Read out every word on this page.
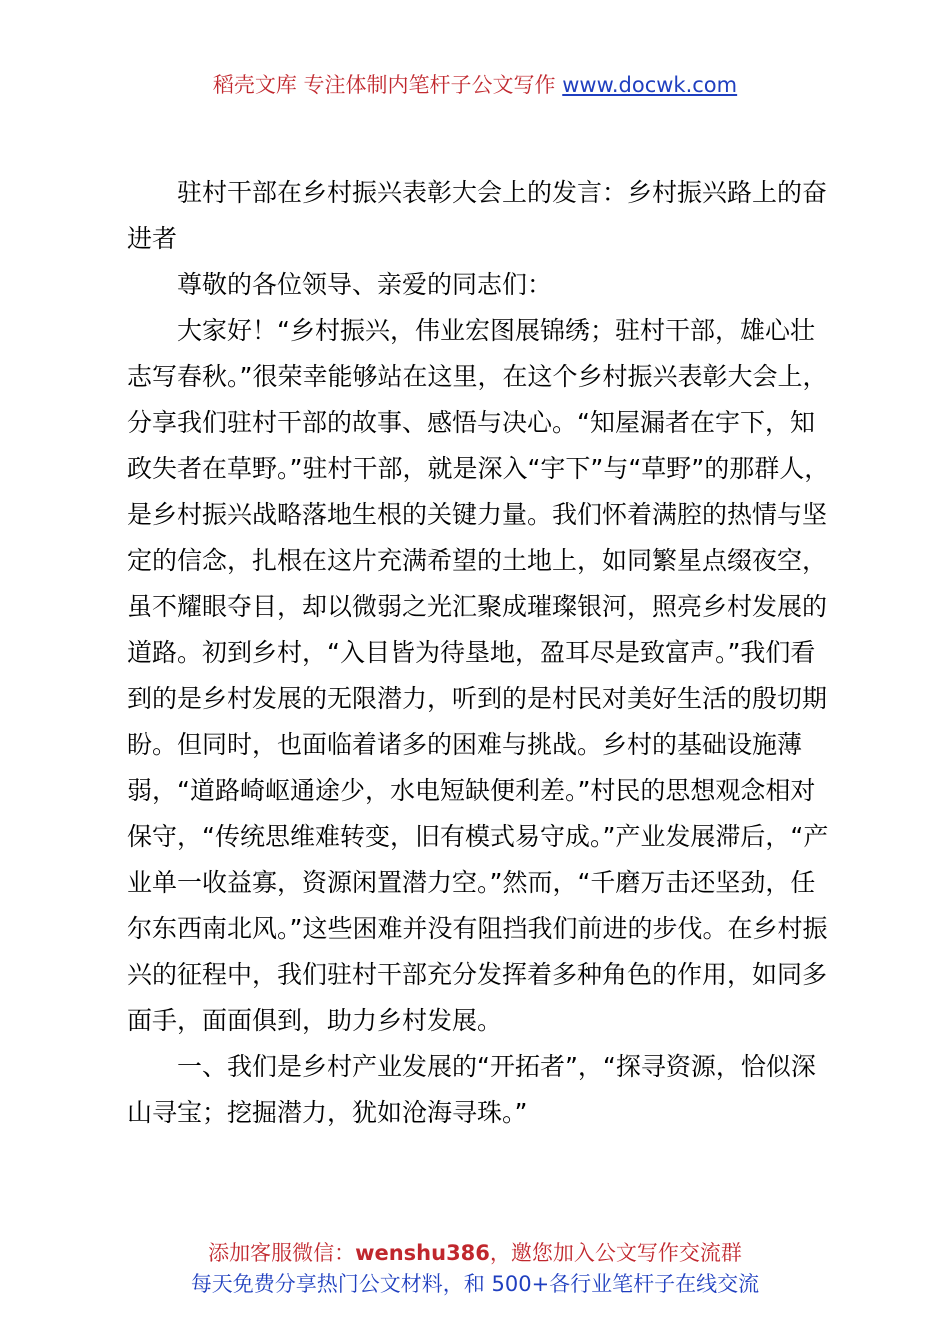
稻壳文库 专注体制内笔杆子公文写作 www.docwk.com

驻村干部在乡村振兴表彰大会上的发言：乡村振兴路上的奋进者

尊敬的各位领导、亲爱的同志们：

大家好！“乡村振兴，伟业宏图展锦绣；驻村干部，雄心壮志写春秋。”很荣幸能够站在这里，在这个乡村振兴表彰大会上，分享我们驻村干部的故事、感悟与决心。“知屋漏者在宇下，知政失者在草野。”驻村干部，就是深入“宇下”与“草野”的那群人，是乡村振兴战略落地生根的关键力量。我们怀着满腔的热情与坚定的信念，扎根在这片充满希望的土地上，如同繁星点缀夜空，虽不耀眼夺目，却以微弱之光汇聚成璀璨银河，照亮乡村发展的道路。初到乡村，“入目皆为待垦地，盈耳尽是致富声。”我们看到的是乡村发展的无限潜力，听到的是村民对美好生活的殷切期盼。但同时，也面临着诸多的困难与挑战。乡村的基础设施薄弱，“道路崎岖通途少，水电短缺便利差。”村民的思想观念相对保守，“传统思维难转变，旧有模式易守成。”产业发展滞后，“产业单一收益寡，资源闲置潜力空。”然而，“千磨万击还坚劲，任尔东西南北风。”这些困难并没有阻挡我们前进的步伐。在乡村振兴的征程中，我们驻村干部充分发挥着多种角色的作用，如同多面手，面面俱到，助力乡村发展。

一、我们是乡村产业发展的“开拓者”，“探寻资源，恰似深山寻宝；挖掘潜力，犹如沧海寻珠。”

添加客服微信：wenshu386，邀您加入公文写作交流群
每天免费分享热门公文材料，和 500+各行业笔杆子在线交流
